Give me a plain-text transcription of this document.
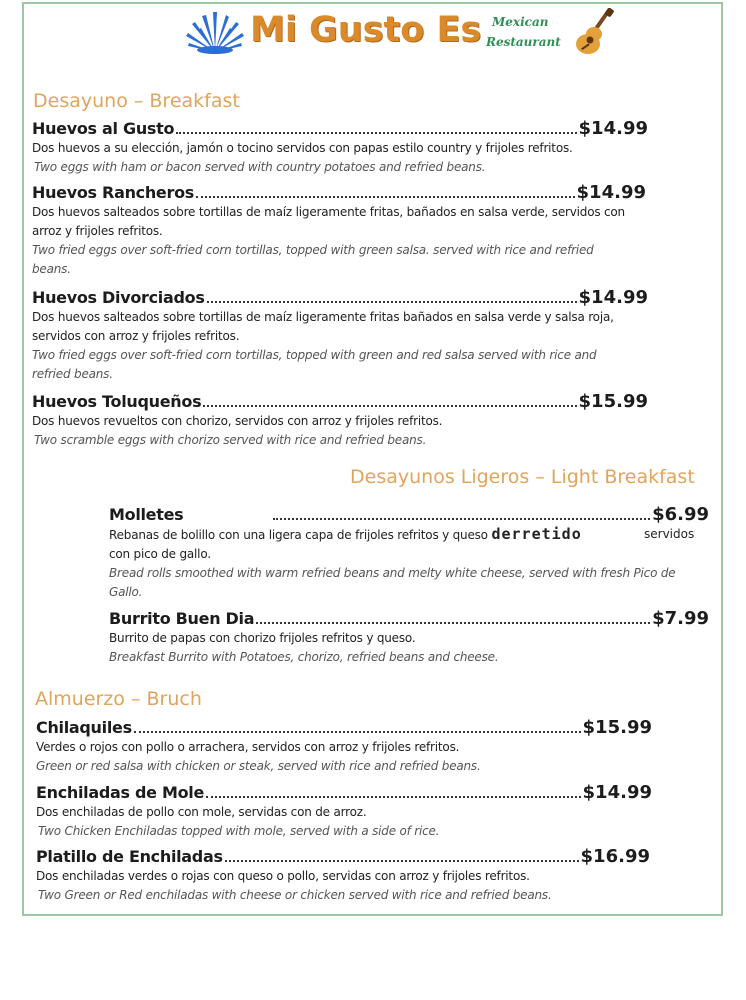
Mi Gusto Es Mexican
Restaurant
Desayuno – Breakfast
Huevos al Gusto	$14.99
Dos huevos a su elección, jamón o tocino servidos con papas estilo country y frijoles refritos.
Two eggs with ham or bacon served with country potatoes and refried beans.
Huevos Rancheros	$14.99
Dos huevos salteados sobre tortillas de maíz ligeramente fritas, bañados en salsa verde, servidos con arroz y frijoles refritos.
Two fried eggs over soft-fried corn tortillas, topped with green salsa. served with rice and refried beans.
Huevos Divorciados	$14.99
Dos huevos salteados sobre tortillas de maíz ligeramente fritas bañados en salsa verde y salsa roja, servidos con arroz y frijoles refritos.
Two fried eggs over soft-fried corn tortillas, topped with green and red salsa served with rice and refried beans.
Huevos Toluqueños	$15.99
Dos huevos revueltos con chorizo, servidos con arroz y frijoles refritos.
Two scramble eggs with chorizo served with rice and refried beans.
Desayunos Ligeros – Light Breakfast
Molletes	$6.99
Rebanas de bolillo con una ligera capa de frijoles refritos y queso derretido
con pico de gallo.
Bread rolls smoothed with warm refried beans and melty white cheese, served with fresh Pico de Gallo.
servidos
Burrito Buen Dia	$7.99
Burrito de papas con chorizo frijoles refritos y queso.
Breakfast Burrito with Potatoes, chorizo, refried beans and cheese.
Almuerzo – Bruch
Chilaquiles	$15.99
Verdes o rojos con pollo o arrachera, servidos con arroz y frijoles refritos.
Green or red salsa with chicken or steak, served with rice and refried beans.
Enchiladas de Mole	$14.99
Dos enchiladas de pollo con mole, servidas con de arroz.
Two Chicken Enchiladas topped with mole, served with a side of rice.
Platillo de Enchiladas	$16.99
Dos enchiladas verdes o rojas con queso o pollo, servidas con arroz y frijoles refritos.
Two Green or Red enchiladas with cheese or chicken served with rice and refried beans.
